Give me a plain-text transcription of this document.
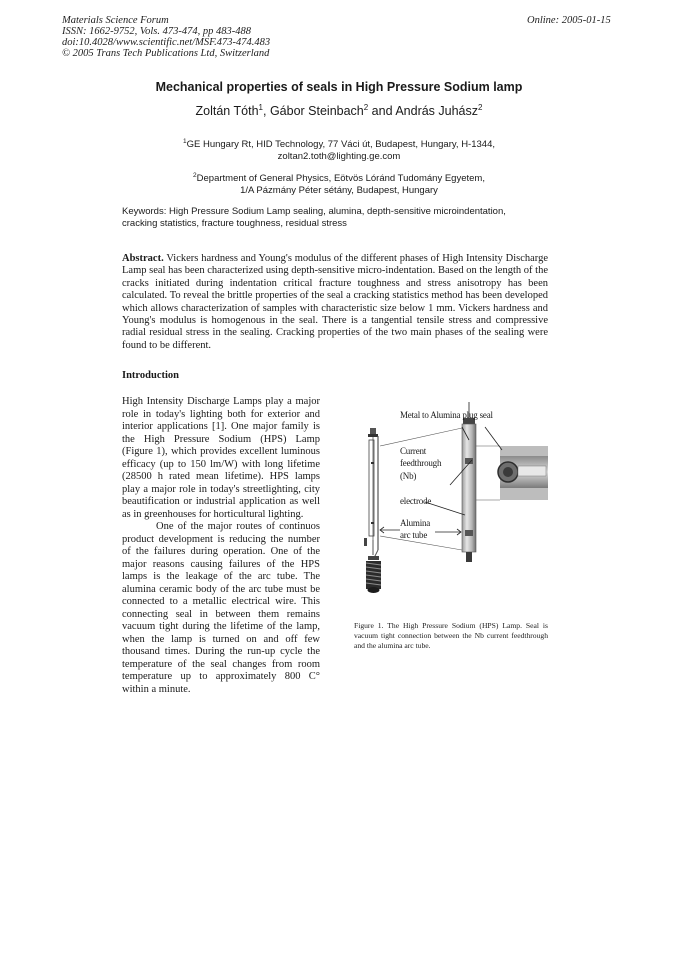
Materials Science Forum
ISSN: 1662-9752, Vols. 473-474, pp 483-488
doi:10.4028/www.scientific.net/MSF.473-474.483
© 2005 Trans Tech Publications Ltd, Switzerland
Online: 2005-01-15
Mechanical properties of seals in High Pressure Sodium lamp
Zoltán Tóth$^1$, Gábor Steinbach$^2$ and András Juhász$^2$
$^1$GE Hungary Rt, HID Technology, 77 Váci út, Budapest, Hungary, H-1344,
zoltan2.toth@lighting.ge.com
$^2$Department of General Physics, Eötvös Lóránd Tudomány Egyetem,
1/A Pázmány Péter sétány, Budapest, Hungary
Keywords: High Pressure Sodium Lamp sealing, alumina, depth-sensitive microindentation,
cracking statistics, fracture toughness, residual stress
Abstract. Vickers hardness and Young's modulus of the different phases of High Intensity Discharge Lamp seal has been characterized using depth-sensitive micro-indentation. Based on the length of the cracks initiated during indentation critical fracture toughness and stress anisotropy has been calculated. To reveal the brittle properties of the seal a cracking statistics method has been developed which allows characterization of samples with characteristic size below 1 mm. Vickers hardness and Young's modulus is homogenous in the seal. There is a tangential tensile stress and compressive radial residual stress in the sealing. Cracking properties of the two main phases of the sealing were found to be different.
Introduction

High Intensity Discharge Lamps play a major role in today's lighting both for exterior and interior applications [1]. One major family is the High Pressure Sodium (HPS) Lamp (Figure 1), which provides excellent luminous efficacy (up to 150 lm/W) with long lifetime (28500 h rated mean lifetime). HPS lamps play a major role in today's streetlighting, city beautification or industrial application as well as in greenhouses for horticultural lighting.

One of the major routes of continuos product development is reducing the number of the failures during operation. One of the major reasons causing failures of the HPS lamps is the leakage of the arc tube. The alumina ceramic body of the arc tube must be connected to a metallic electrical wire. This connecting seal in between them remains vacuum tight during the lifetime of the lamp, when the lamp is turned on and off few thousand times. During the run-up cycle the temperature of the seal changes from room temperature up to approximately 800 C° within a minute.

Metal to Alumina plug seal
Current
feedthrough
(Nb)
electrode
Alumina
arc tube
Figure 1. The High Pressure Sodium (HPS) Lamp. Seal is vacuum tight connection between the Nb current feedthrough and the alumina arc tube.
